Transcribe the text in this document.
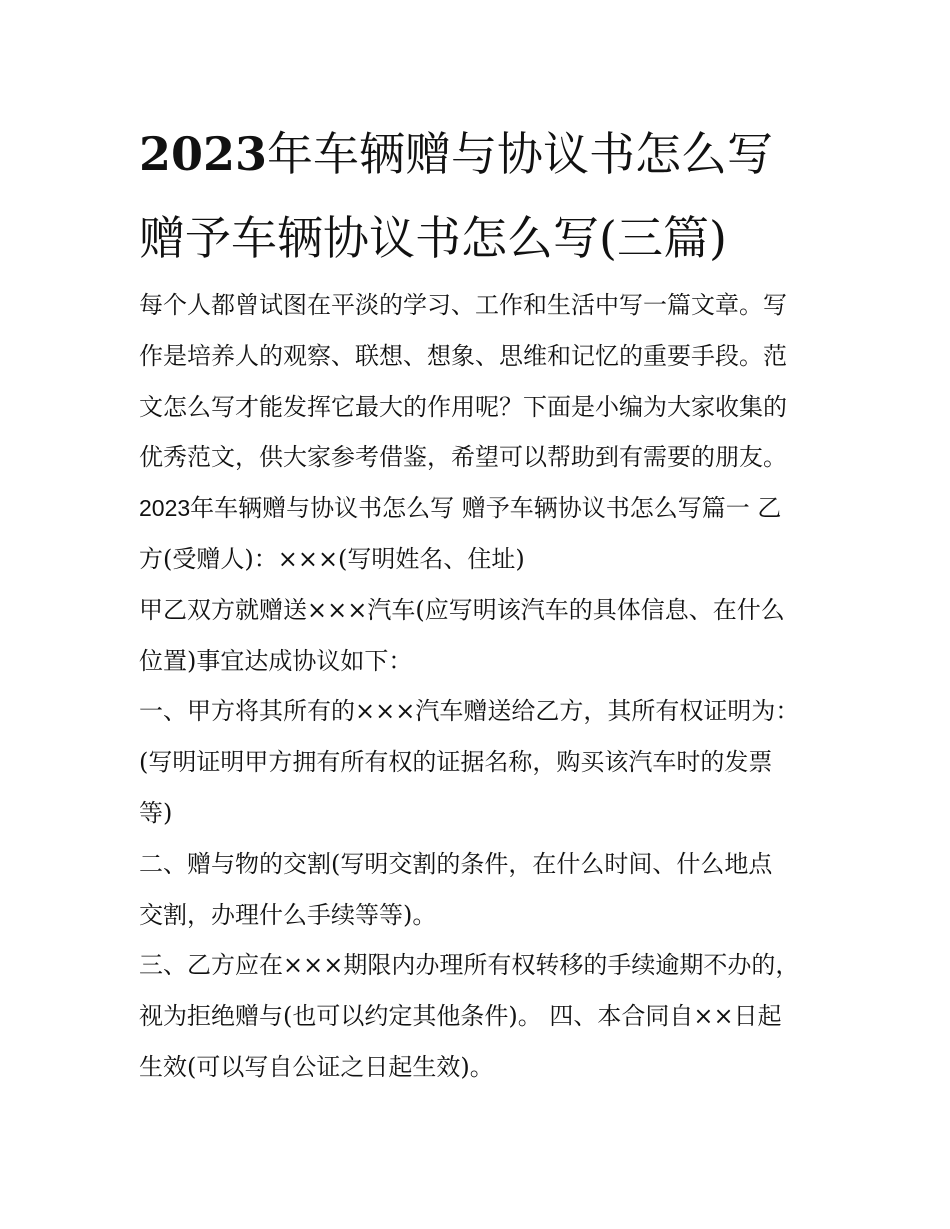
2023年车辆赠与协议书怎么写
赠予车辆协议书怎么写(三篇)
每个人都曾试图在平淡的学习、工作和生活中写一篇文章。写
作是培养人的观察、联想、想象、思维和记忆的重要手段。范
文怎么写才能发挥它最大的作用呢？下面是小编为大家收集的
优秀范文，供大家参考借鉴，希望可以帮助到有需要的朋友。
2023年车辆赠与协议书怎么写 赠予车辆协议书怎么写篇一 乙
方(受赠人)：×××(写明姓名、住址)
甲乙双方就赠送×××汽车(应写明该汽车的具体信息、在什么
位置)事宜达成协议如下：
一、甲方将其所有的×××汽车赠送给乙方，其所有权证明为：
(写明证明甲方拥有所有权的证据名称，购买该汽车时的发票
等)
二、赠与物的交割(写明交割的条件，在什么时间、什么地点
交割，办理什么手续等等)。
三、乙方应在×××期限内办理所有权转移的手续逾期不办的，
视为拒绝赠与(也可以约定其他条件)。 四、本合同自××日起
生效(可以写自公证之日起生效)。
